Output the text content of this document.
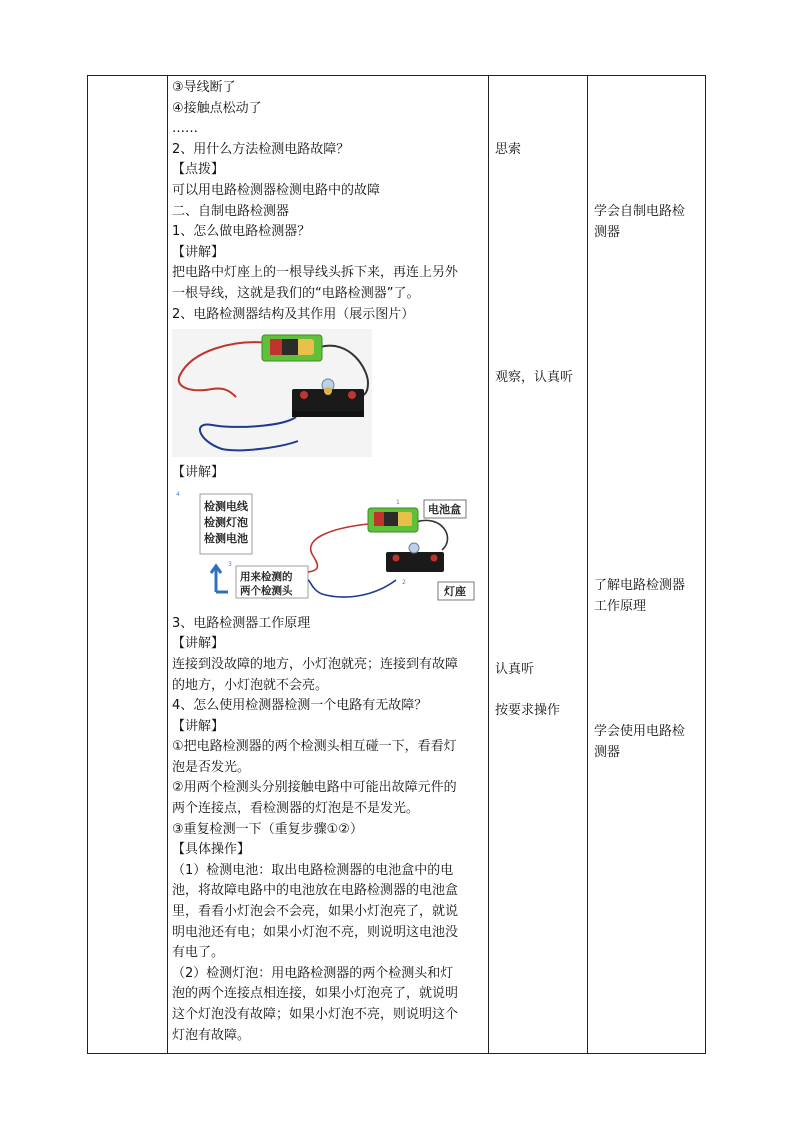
③导线断了

④接触点松动了

……

2、用什么方法检测电路故障？

【点拨】

可以用电路检测器检测电路中的故障

二、自制电路检测器

1、怎么做电路检测器？

【讲解】

把电路中灯座上的一根导线头拆下来，再连上另外

一根导线，这就是我们的“电路检测器”了。

2、电路检测器结构及其作用（展示图片）

【讲解】

4
检测电线
检测灯泡
检测电池
3
用来检测的
两个检测头
1
电池盒
2
灯座

3、电路检测器工作原理

【讲解】

连接到没故障的地方，小灯泡就亮；连接到有故障

的地方，小灯泡就不会亮。

4、怎么使用检测器检测一个电路有无故障？

【讲解】

①把电路检测器的两个检测头相互碰一下，看看灯

泡是否发光。

②用两个检测头分别接触电路中可能出故障元件的

两个连接点，看检测器的灯泡是不是发光。

③重复检测一下（重复步骤①②）

【具体操作】

（1）检测电池：取出电路检测器的电池盒中的电

池，将故障电路中的电池放在电路检测器的电池盒

里，看看小灯泡会不会亮，如果小灯泡亮了，就说

明电池还有电；如果小灯泡不亮，则说明这电池没

有电了。

（2）检测灯泡：用电路检测器的两个检测头和灯

泡的两个连接点相连接，如果小灯泡亮了，就说明

这个灯泡没有故障；如果小灯泡不亮，则说明这个

灯泡有故障。

思索
观察，认真听
认真听
按要求操作
学会自制电路检
测器
了解电路检测器
工作原理
学会使用电路检
测器
